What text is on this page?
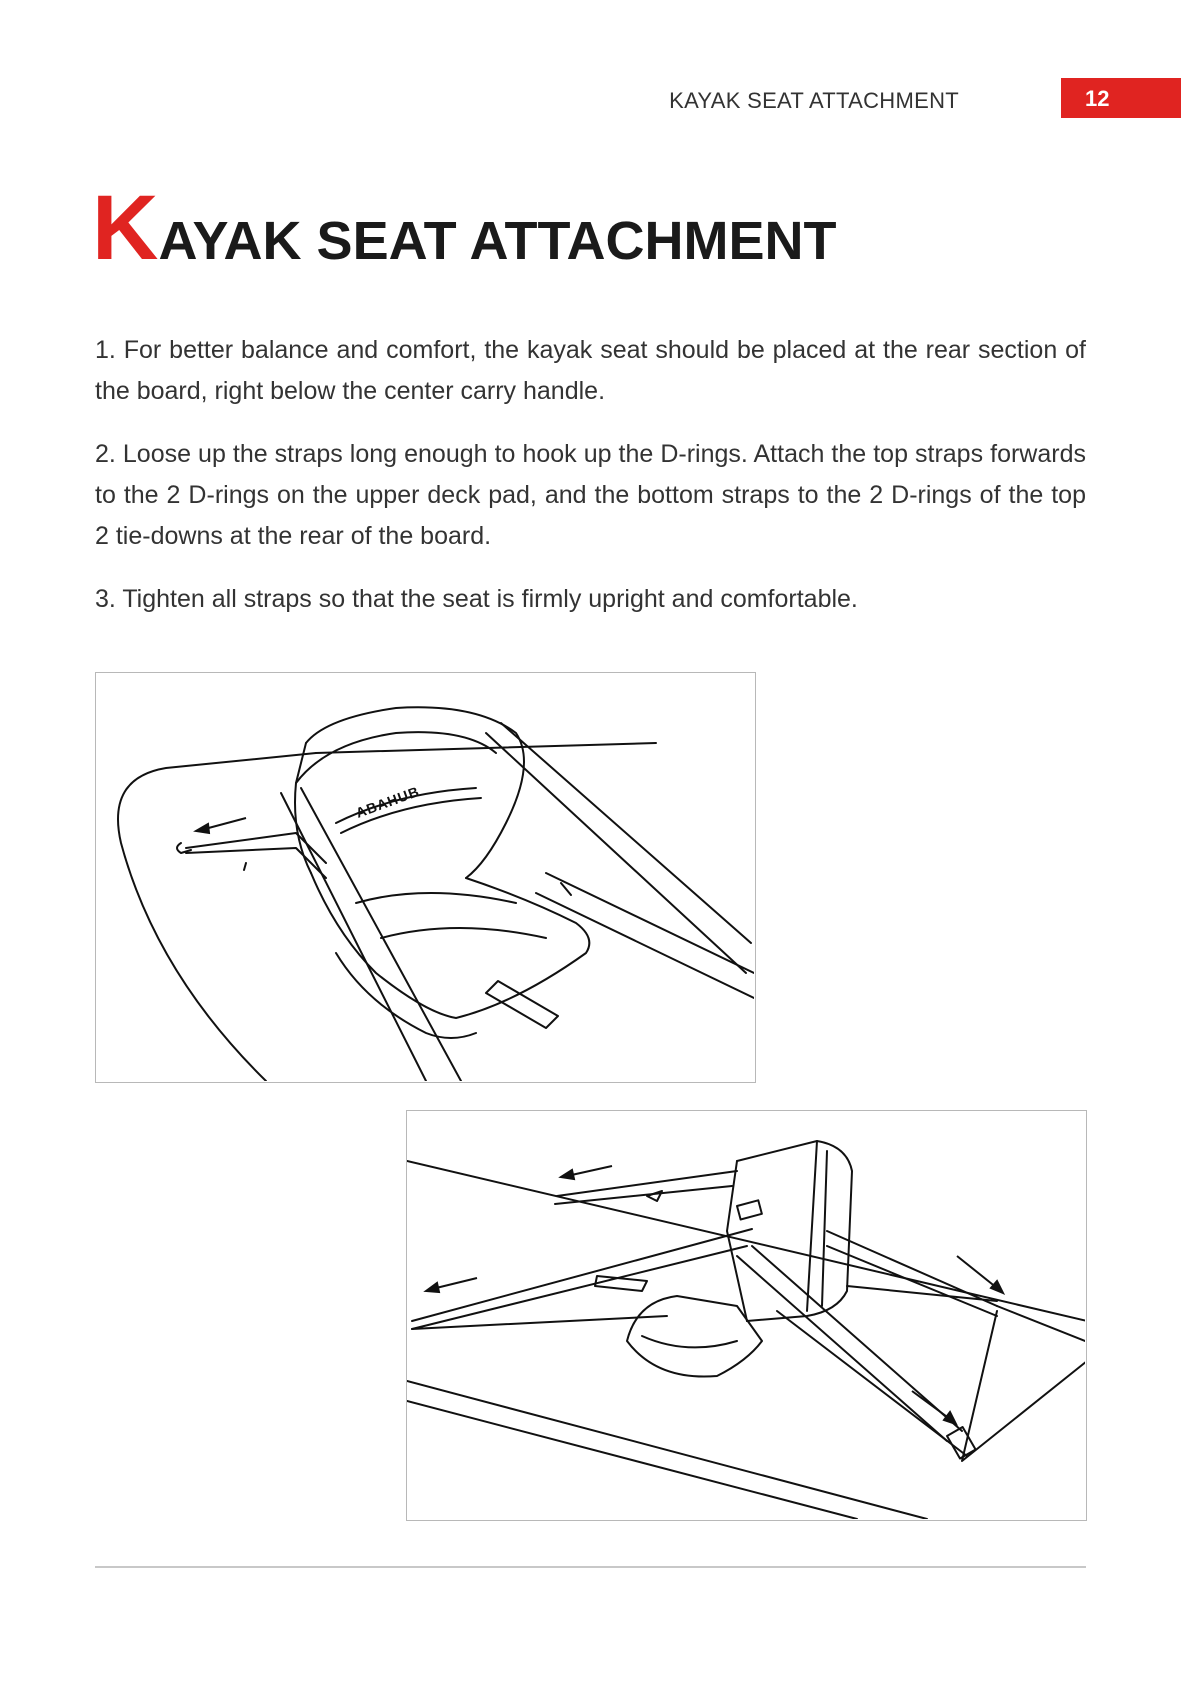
KAYAK SEAT ATTACHMENT	12
KAYAK SEAT ATTACHMENT

1. For better balance and comfort, the kayak seat should be placed at the rear section of the board, right below the center carry handle.

2. Loose up the straps long enough to hook up the D-rings. Attach the top straps forwards to the 2 D-rings on the upper deck pad, and the bottom straps to the 2 D-rings of the top 2 tie-downs at the rear of the board.

3. Tighten all straps so that the seat is firmly upright and comfortable.

ABAHUB
